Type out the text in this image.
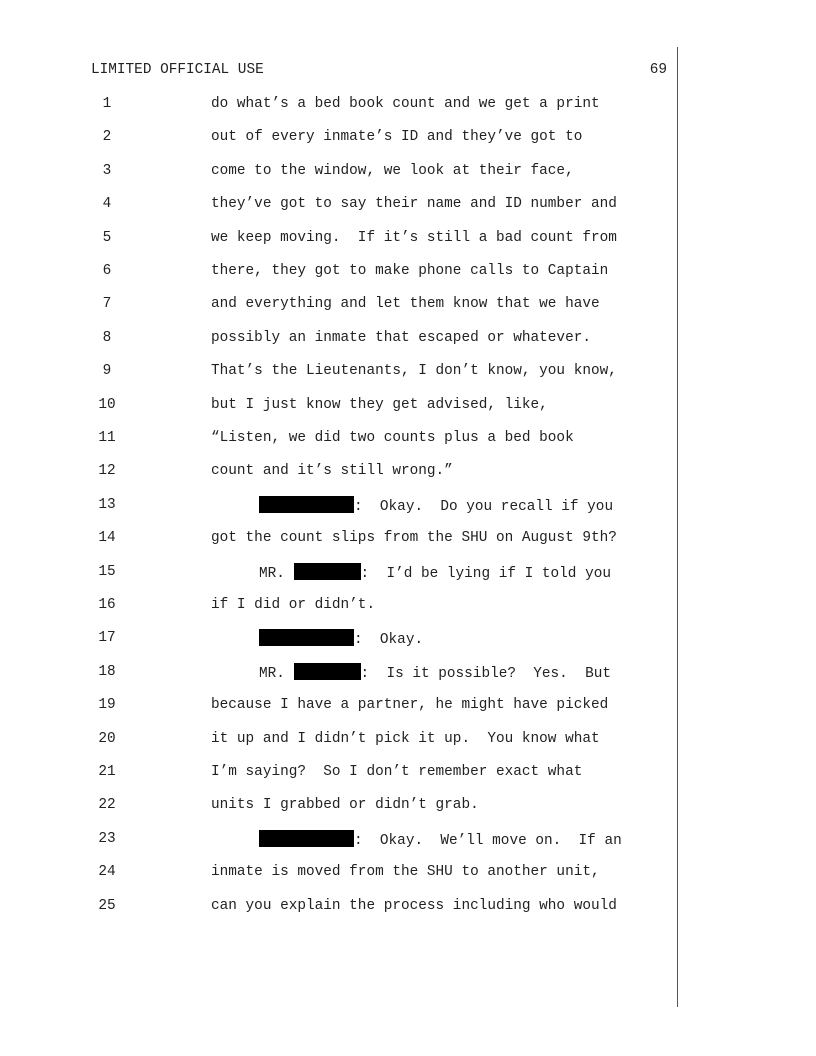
LIMITED OFFICIAL USE	69
1	do what’s a bed book count and we get a print
2	out of every inmate’s ID and they’ve got to
3	come to the window, we look at their face,
4	they’ve got to say their name and ID number and
5	we keep moving.  If it’s still a bad count from
6	there, they got to make phone calls to Captain
7	and everything and let them know that we have
8	possibly an inmate that escaped or whatever.
9	That’s the Lieutenants, I don’t know, you know,
10	but I just know they get advised, like,
11	“Listen, we did two counts plus a bed book
12	count and it’s still wrong.”
13	:  Okay.  Do you recall if you
14	got the count slips from the SHU on August 9th?
15	MR.	:  I’d be lying if I told you
16	if I did or didn’t.
17	:  Okay.
18	MR.	:  Is it possible?  Yes.  But
19	because I have a partner, he might have picked
20	it up and I didn’t pick it up.  You know what
21	I’m saying?  So I don’t remember exact what
22	units I grabbed or didn’t grab.
23	:  Okay.  We’ll move on.  If an
24	inmate is moved from the SHU to another unit,
25	can you explain the process including who would
